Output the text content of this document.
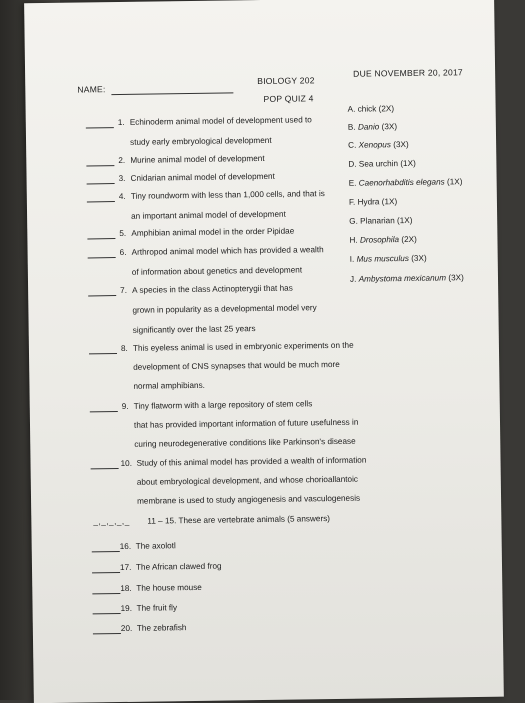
NAME:
BIOLOGY 202
POP QUIZ 4
DUE NOVEMBER 20, 2017
1. Echinoderm animal model of development used to
study early embryological development
2. Murine animal model of development
3. Cnidarian animal model of development
4. Tiny roundworm with less than 1,000 cells, and that is
an important animal model of development
5. Amphibian animal model in the order Pipidae
6. Arthropod animal model which has provided a wealth
of information about genetics and development
7. A species in the class Actinopterygii that has
grown in popularity as a developmental model very
significantly over the last 25 years
8. This eyeless animal is used in embryonic experiments on the
development of CNS synapses that would be much more
normal amphibians.
9. Tiny flatworm with a large repository of stem cells
that has provided important information of future usefulness in
curing neurodegenerative conditions like Parkinson's disease
10. Study of this animal model has provided a wealth of information
about embryological development, and whose chorioallantoic
membrane is used to study angiogenesis and vasculogenesis
_,_,_,_,_ 11 – 15. These are vertebrate animals (5 answers)
16. The axolotl
17. The African clawed frog
18. The house mouse
19. The fruit fly
20. The zebrafish
A. chick (2X)
B. Danio (3X)
C. Xenopus (3X)
D. Sea urchin (1X)
E. Caenorhabditis elegans (1X)
F. Hydra (1X)
G. Planarian (1X)
H. Drosophila (2X)
I. Mus musculus (3X)
J. Ambystoma mexicanum (3X)
